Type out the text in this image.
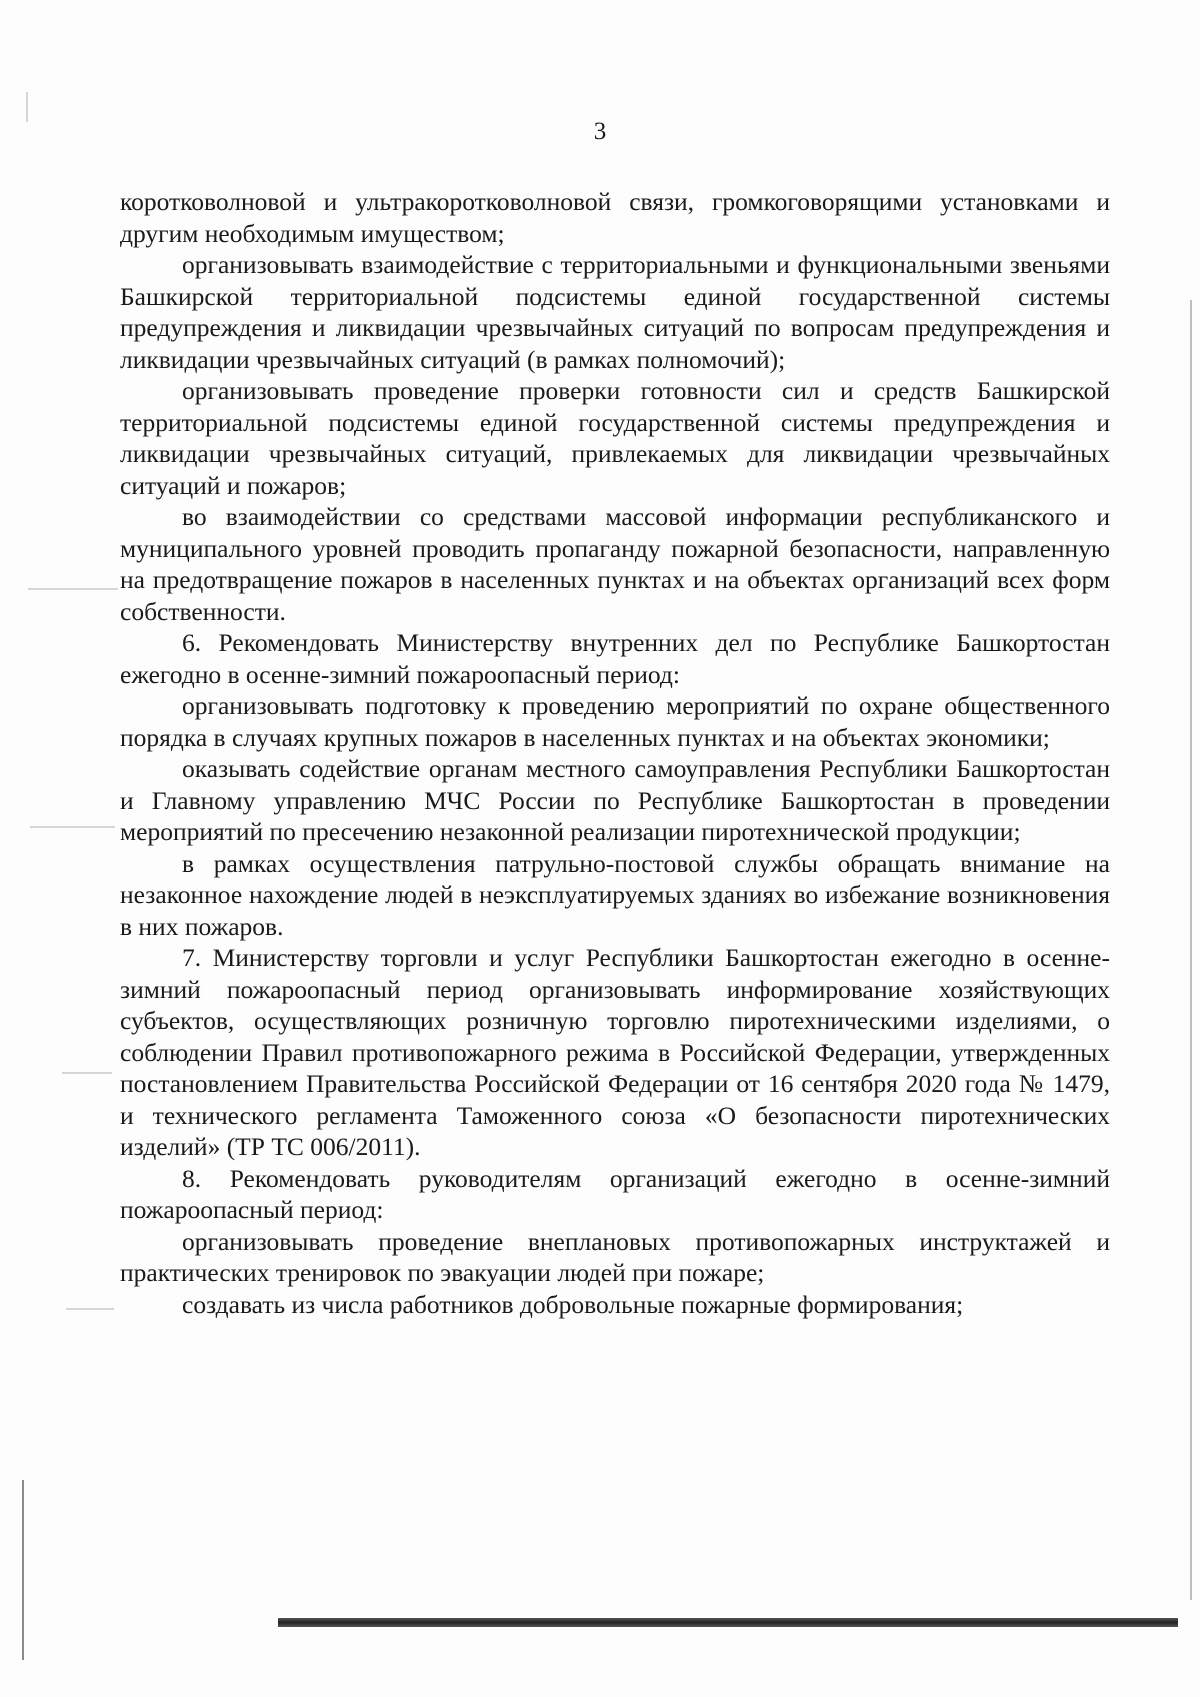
3

коротковолновой и ультракоротковолновой связи, громкоговорящими установками и другим необходимым имуществом;

организовывать взаимодействие с территориальными и функциональными звеньями Башкирской территориальной подсистемы единой государственной системы предупреждения и ликвидации чрезвычайных ситуаций по вопросам предупреждения и ликвидации чрезвычайных ситуаций (в рамках полномочий);

организовывать проведение проверки готовности сил и средств Башкирской территориальной подсистемы единой государственной системы предупреждения и ликвидации чрезвычайных ситуаций, привлекаемых для ликвидации чрезвычайных ситуаций и пожаров;

во взаимодействии со средствами массовой информации республиканского и муниципального уровней проводить пропаганду пожарной безопасности, направленную на предотвращение пожаров в населенных пунктах и на объектах организаций всех форм собственности.

6. Рекомендовать Министерству внутренних дел по Республике Башкортостан ежегодно в осенне-зимний пожароопасный период:

организовывать подготовку к проведению мероприятий по охране общественного порядка в случаях крупных пожаров в населенных пунктах и на объектах экономики;

оказывать содействие органам местного самоуправления Республики Башкортостан и Главному управлению МЧС России по Республике Башкортостан в проведении мероприятий по пресечению незаконной реализации пиротехнической продукции;

в рамках осуществления патрульно-постовой службы обращать внимание на незаконное нахождение людей в неэксплуатируемых зданиях во избежание возникновения в них пожаров.

7. Министерству торговли и услуг Республики Башкортостан ежегодно в осенне-зимний пожароопасный период организовывать информирование хозяйствующих субъектов, осуществляющих розничную торговлю пиротехническими изделиями, о соблюдении Правил противопожарного режима в Российской Федерации, утвержденных постановлением Правительства Российской Федерации от 16 сентября 2020 года № 1479, и технического регламента Таможенного союза «О безопасности пиротехнических изделий» (ТР ТС 006/2011).

8. Рекомендовать руководителям организаций ежегодно в осенне-зимний пожароопасный период:

организовывать проведение внеплановых противопожарных инструктажей и практических тренировок по эвакуации людей при пожаре;

создавать из числа работников добровольные пожарные формирования;
